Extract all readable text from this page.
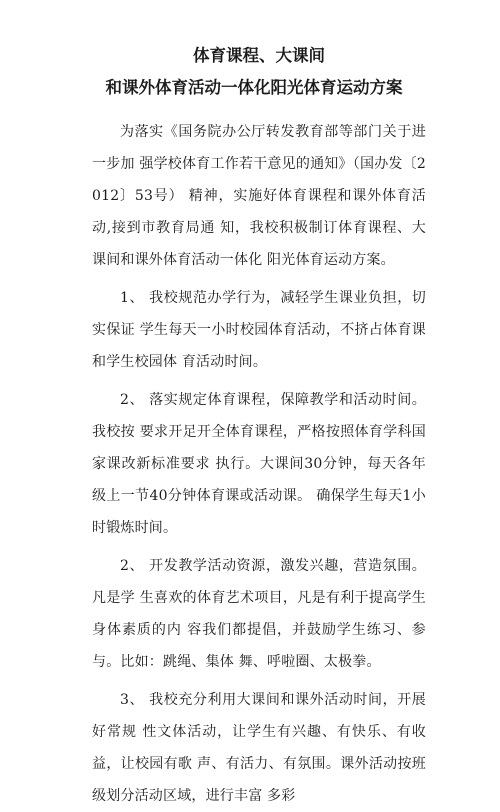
体育课程、大课间
和课外体育活动一体化阳光体育运动方案

为落实《国务院办公厅转发教育部等部门关于进一步加 强学校体育工作若干意见的通知》（国办发〔2012〕53号） 精神，实施好体育课程和课外体育活动,接到市教育局通 知，我校积极制订体育课程、大课间和课外体育活动一体化 阳光体育运动方案。

1、 我校规范办学行为，减轻学生课业负担，切实保证 学生每天一小时校园体育活动，不挤占体育课和学生校园体 育活动时间。

2、 落实规定体育课程，保障教学和活动时间。我校按 要求开足开全体育课程，严格按照体育学科国家课改新标准要求 执行。大课间30分钟，每天各年级上一节40分钟体育课或活动课。 确保学生每天1小时锻炼时间。

2、 开发教学活动资源，激发兴趣，营造氛围。凡是学 生喜欢的体育艺术项目，凡是有利于提高学生身体素质的内 容我们都提倡，并鼓励学生练习、参与。比如：跳绳、集体 舞、呼啦圈、太极拳。

3、 我校充分利用大课间和课外活动时间，开展好常规 性文体活动，让学生有兴趣、有快乐、有收益，让校园有歌 声、有活力、有氛围。课外活动按班级划分活动区域，进行丰富 多彩
